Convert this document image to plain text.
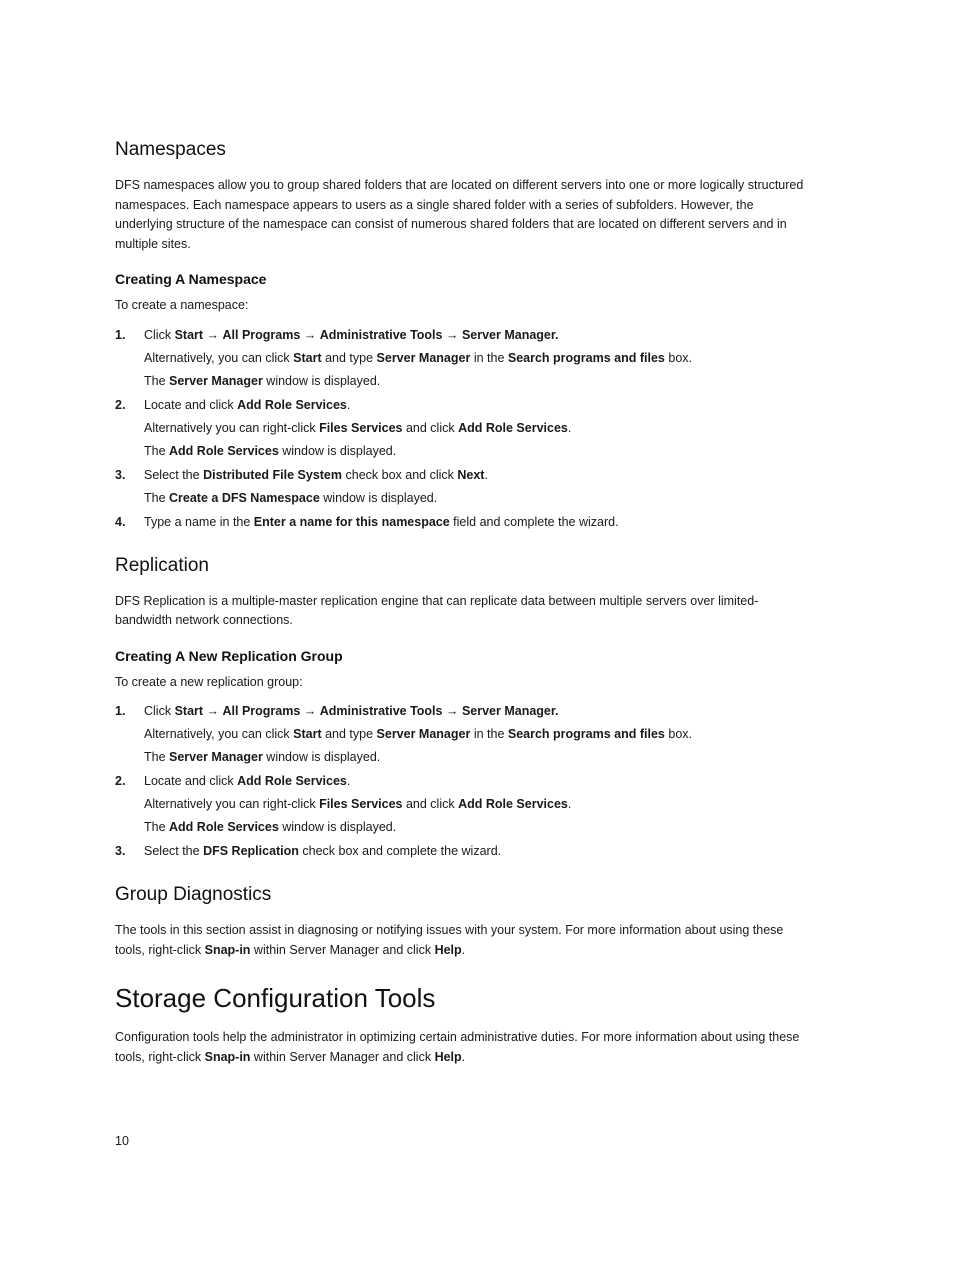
Namespaces

DFS namespaces allow you to group shared folders that are located on different servers into one or more logically structured namespaces. Each namespace appears to users as a single shared folder with a series of subfolders. However, the underlying structure of the namespace can consist of numerous shared folders that are located on different servers and in multiple sites.

Creating A Namespace

To create a namespace:

1. Click Start → All Programs → Administrative Tools → Server Manager.
Alternatively, you can click Start and type Server Manager in the Search programs and files box.
The Server Manager window is displayed.
2. Locate and click Add Role Services.
Alternatively you can right-click Files Services and click Add Role Services.
The Add Role Services window is displayed.
3. Select the Distributed File System check box and click Next.
The Create a DFS Namespace window is displayed.
4. Type a name in the Enter a name for this namespace field and complete the wizard.
Replication

DFS Replication is a multiple-master replication engine that can replicate data between multiple servers over limited-bandwidth network connections.

Creating A New Replication Group

To create a new replication group:

1. Click Start → All Programs → Administrative Tools → Server Manager.
Alternatively, you can click Start and type Server Manager in the Search programs and files box.
The Server Manager window is displayed.
2. Locate and click Add Role Services.
Alternatively you can right-click Files Services and click Add Role Services.
The Add Role Services window is displayed.
3. Select the DFS Replication check box and complete the wizard.
Group Diagnostics

The tools in this section assist in diagnosing or notifying issues with your system. For more information about using these tools, right-click Snap-in within Server Manager and click Help.

Storage Configuration Tools

Configuration tools help the administrator in optimizing certain administrative duties. For more information about using these tools, right-click Snap-in within Server Manager and click Help.

10
